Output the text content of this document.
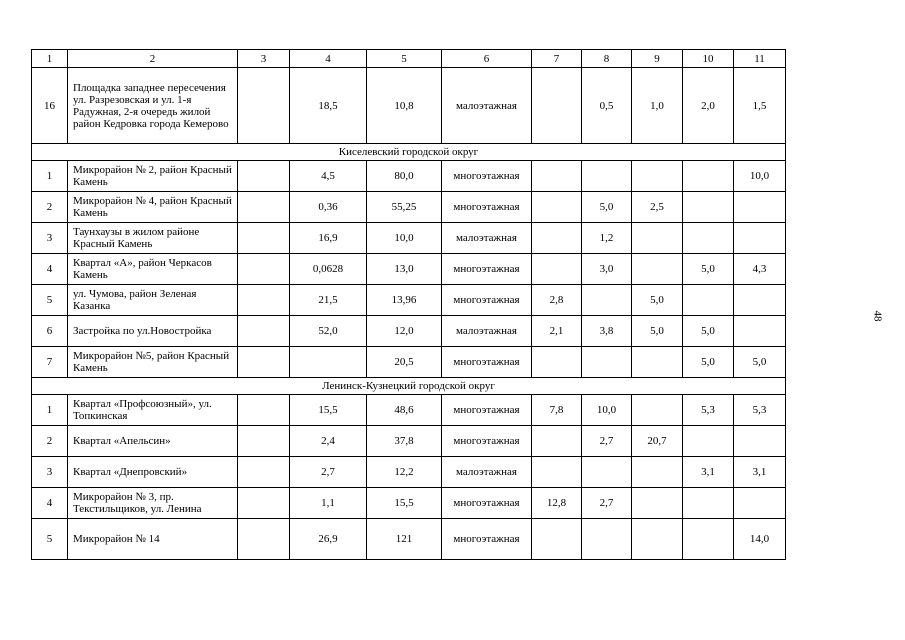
1	2	3	4	5	6	7	8	9	10	11
16	Площадка западнее пересечения ул. Разрезовская и ул. 1-я Радужная, 2-я очередь жилой район Кедровка города Кемерово		18,5	10,8	малоэтажная		0,5	1,0	2,0	1,5
Киселевский городской округ										
1	Микрорайон № 2, район Красный Камень		4,5	80,0	многоэтажная					10,0
2	Микрорайон № 4, район Красный Камень		0,36	55,25	многоэтажная		5,0	2,5		
3	Таунхаузы в жилом районе Красный Камень		16,9	10,0	малоэтажная		1,2			
4	Квартал «А», район Черкасов Камень		0,0628	13,0	многоэтажная		3,0		5,0	4,3
5	ул. Чумова, район Зеленая Казанка		21,5	13,96	многоэтажная	2,8		5,0		
6	Застройка по ул.Новостройка		52,0	12,0	малоэтажная	2,1	3,8	5,0	5,0	
7	Микрорайон №5, район Красный Камень			20,5	многоэтажная				5,0	5,0
Ленинск-Кузнецкий городской округ										
1	Квартал «Профсоюзный», ул. Топкинская		15,5	48,6	многоэтажная	7,8	10,0		5,3	5,3
2	Квартал «Апельсин»		2,4	37,8	многоэтажная		2,7	20,7		
3	Квартал «Днепровский»		2,7	12,2	малоэтажная				3,1	3,1
4	Микрорайон № 3, пр. Текстильщиков, ул. Ленина		1,1	15,5	многоэтажная	12,8	2,7			
5	Микрорайон № 14		26,9	121	многоэтажная					14,0
48
